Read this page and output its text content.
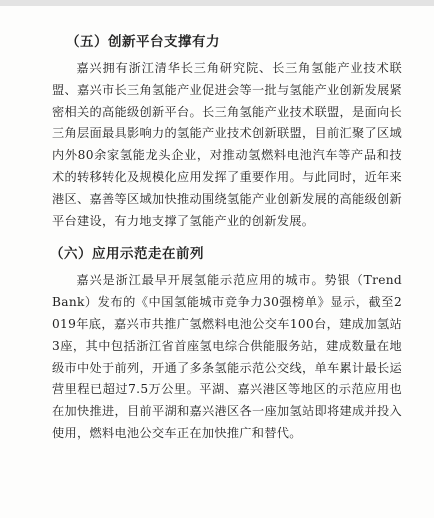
（五）创新平台支撑有力

嘉兴拥有浙江清华长三角研究院、长三角氢能产业技术联盟、嘉兴市长三角氢能产业促进会等一批与氢能产业创新发展紧密相关的高能级创新平台。长三角氢能产业技术联盟，是面向长三角层面最具影响力的氢能产业技术创新联盟，目前汇聚了区域内外80余家氢能龙头企业，对推动氢燃料电池汽车等产品和技术的转移转化及规模化应用发挥了重要作用。与此同时，近年来港区、嘉善等区域加快推动围绕氢能产业创新发展的高能级创新平台建设，有力地支撑了氢能产业的创新发展。

（六）应用示范走在前列

嘉兴是浙江最早开展氢能示范应用的城市。势银（Trend Bank）发布的《中国氢能城市竞争力30强榜单》显示，截至2019年底，嘉兴市共推广氢燃料电池公交车100台，建成加氢站3座，其中包括浙江省首座氢电综合供能服务站，建成数量在地级市中处于前列，开通了多条氢能示范公交线，单车累计最长运营里程已超过7.5万公里。平湖、嘉兴港区等地区的示范应用也在加快推进，目前平湖和嘉兴港区各一座加氢站即将建成并投入使用，燃料电池公交车正在加快推广和替代。
